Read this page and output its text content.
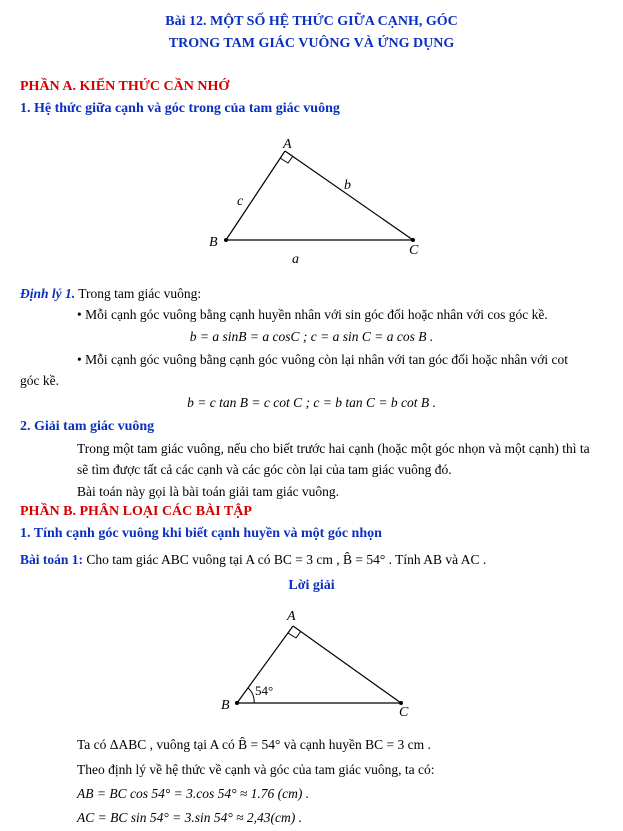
Bài 12. MỘT SỐ HỆ THỨC GIỮA CẠNH, GÓC
TRONG TAM GIÁC VUÔNG VÀ ỨNG DỤNG
PHẦN A. KIẾN THỨC CẦN NHỚ
1. Hệ thức giữa cạnh và góc trong của tam giác vuông
A
B
C
c
b
a
Định lý 1. Trong tam giác vuông:
• Mỗi cạnh góc vuông bằng cạnh huyền nhân với sin góc đối hoặc nhân với cos góc kề.
b = a sinB = a cosC ; c = a sin C = a cos B .
• Mỗi cạnh góc vuông bằng cạnh góc vuông còn lại nhân với tan góc đối hoặc nhân với cot
góc kề.
b = c tan B = c cot C ; c = b tan C = b cot B .
2. Giải tam giác vuông
Trong một tam giác vuông, nếu cho biết trước hai cạnh (hoặc một góc nhọn và một cạnh) thì ta
sẽ tìm được tất cả các cạnh và các góc còn lại của tam giác vuông đó.
Bài toán này gọi là bài toán giải tam giác vuông.
PHẦN B. PHÂN LOẠI CÁC BÀI TẬP
1. Tính cạnh góc vuông khi biết cạnh huyền và một góc nhọn
Bài toán 1: Cho tam giác ABC vuông tại A có BC = 3 cm , B̂ = 54° . Tính AB và AC .
Lời giải
A
B	C
54°
Ta có ΔABC , vuông tại A có B̂ = 54° và cạnh huyền BC = 3 cm .
Theo định lý về hệ thức về cạnh và góc của tam giác vuông, ta có:
AB = BC cos 54° = 3.cos 54° ≈ 1.76 (cm) .
AC = BC sin 54° = 3.sin 54° ≈ 2,43(cm) .
